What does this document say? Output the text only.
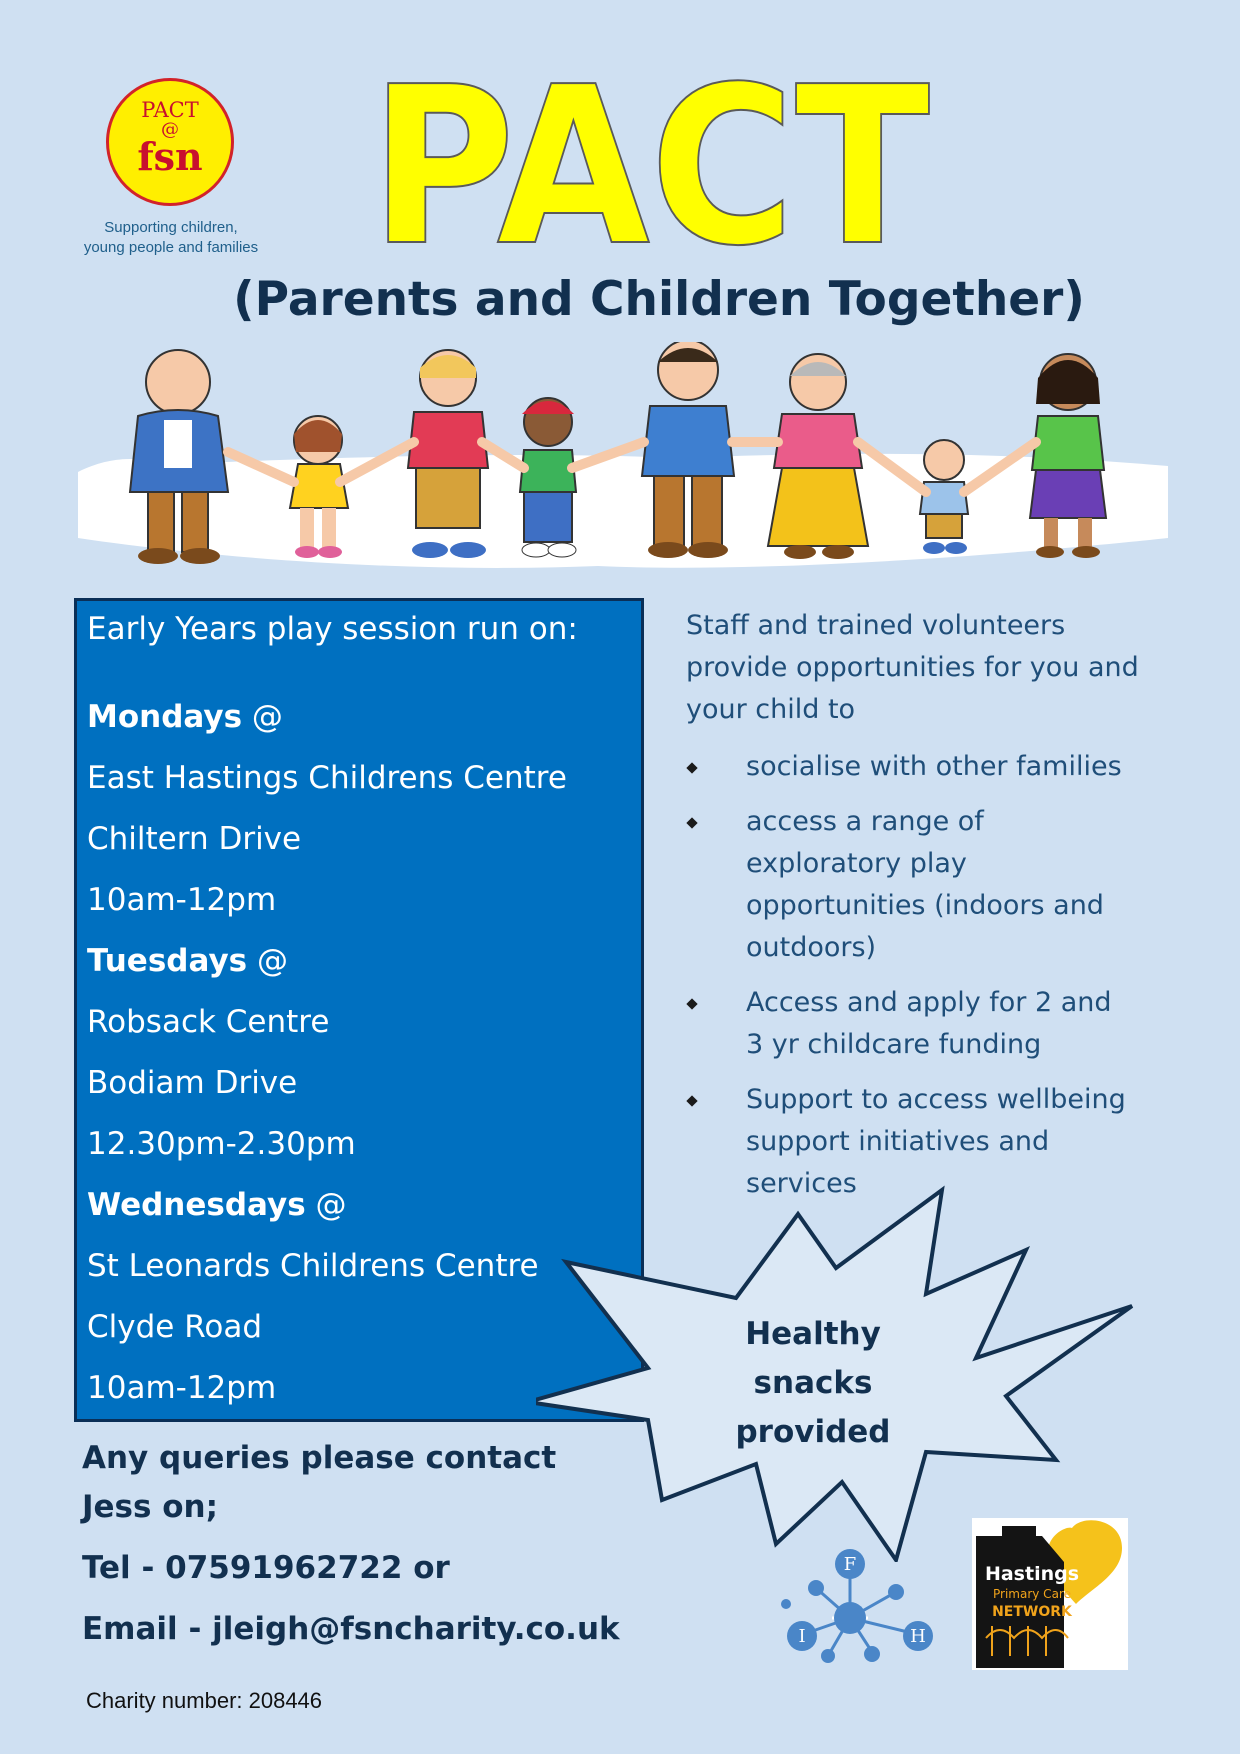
PACT
@
fsn
Supporting children,
young people and families PACT
(Parents and Children Together)
Early Years play session run on:
Mondays @
East Hastings Childrens Centre
Chiltern Drive
10am-12pm
Tuesdays @
Robsack Centre
Bodiam Drive
12.30pm-2.30pm
Wednesdays @
St Leonards Childrens Centre
Clyde Road
10am-12pm
Staff and trained volunteers
provide opportunities for you and
your child to
socialise with other families
access a range of
exploratory play
opportunities (indoors and
outdoors)
Access and apply for 2 and
3 yr childcare funding
Support to access wellbeing
support initiatives and
services
Healthy
snacks
provided
Any queries please contact
Jess on;
Tel - 07591962722 or
Email - jleigh@fsncharity.co.uk
Charity number: 208446
F
I	H
Hastings
Primary Care
NETWORK
